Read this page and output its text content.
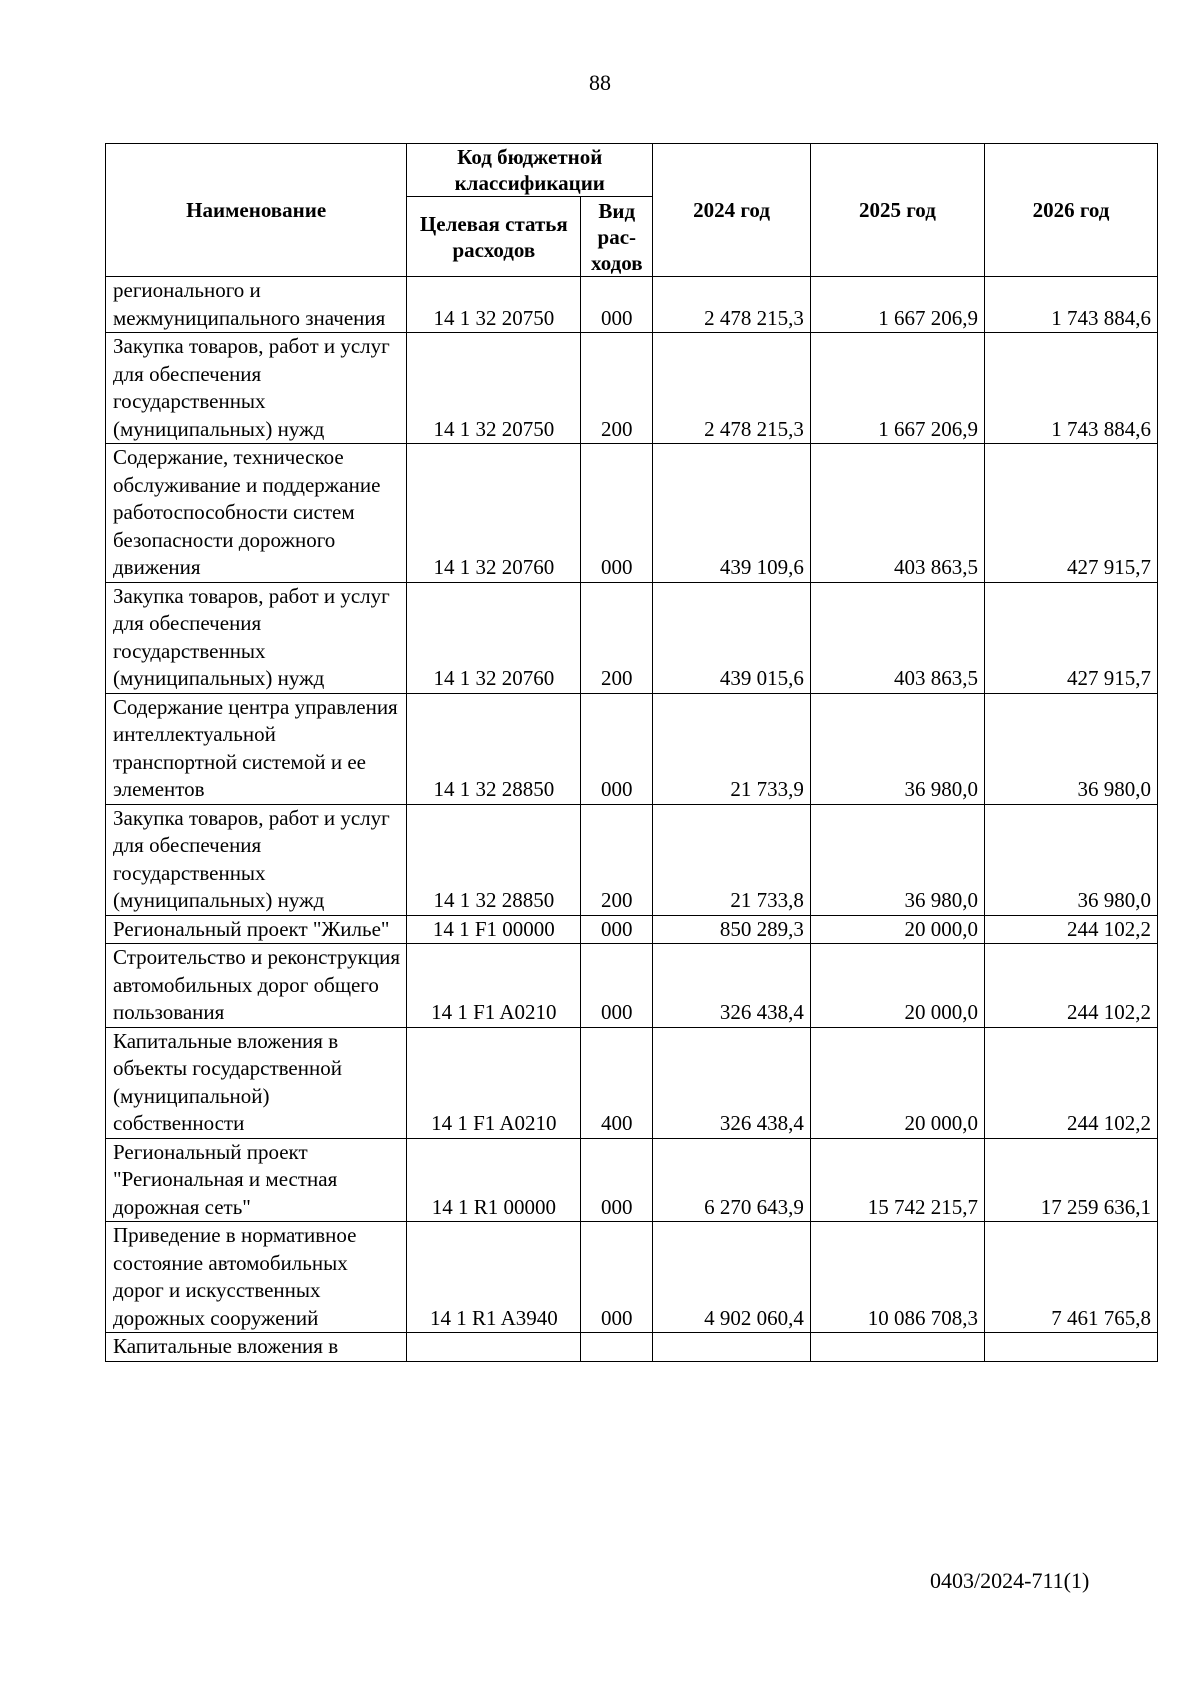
88
Наименование	Код бюджетной классификации		2024 год	2025 год	2026 год
	Целевая статья расходов	Вид рас- ходов			
регионального и межмуниципального значения	14 1 32 20750	000	2 478 215,3	1 667 206,9	1 743 884,6
Закупка товаров, работ и услуг для обеспечения государственных (муниципальных) нужд	14 1 32 20750	200	2 478 215,3	1 667 206,9	1 743 884,6
Содержание, техническое обслуживание и поддержание работоспособности систем безопасности дорожного движения	14 1 32 20760	000	439 109,6	403 863,5	427 915,7
Закупка товаров, работ и услуг для обеспечения государственных (муниципальных) нужд	14 1 32 20760	200	439 015,6	403 863,5	427 915,7
Содержание центра управления интеллектуальной транспортной системой и ее элементов	14 1 32 28850	000	21 733,9	36 980,0	36 980,0
Закупка товаров, работ и услуг для обеспечения государственных (муниципальных) нужд	14 1 32 28850	200	21 733,8	36 980,0	36 980,0
Региональный проект "Жилье"	14 1 F1 00000	000	850 289,3	20 000,0	244 102,2
Строительство и реконструкция автомобильных дорог общего пользования	14 1 F1 A0210	000	326 438,4	20 000,0	244 102,2
Капитальные вложения в объекты государственной (муниципальной) собственности	14 1 F1 A0210	400	326 438,4	20 000,0	244 102,2
Региональный проект "Региональная и местная дорожная сеть"	14 1 R1 00000	000	6 270 643,9	15 742 215,7	17 259 636,1
Приведение в нормативное состояние автомобильных дорог и искусственных дорожных сооружений	14 1 R1 A3940	000	4 902 060,4	10 086 708,3	7 461 765,8
Капитальные вложения в					
0403/2024-711(1)
